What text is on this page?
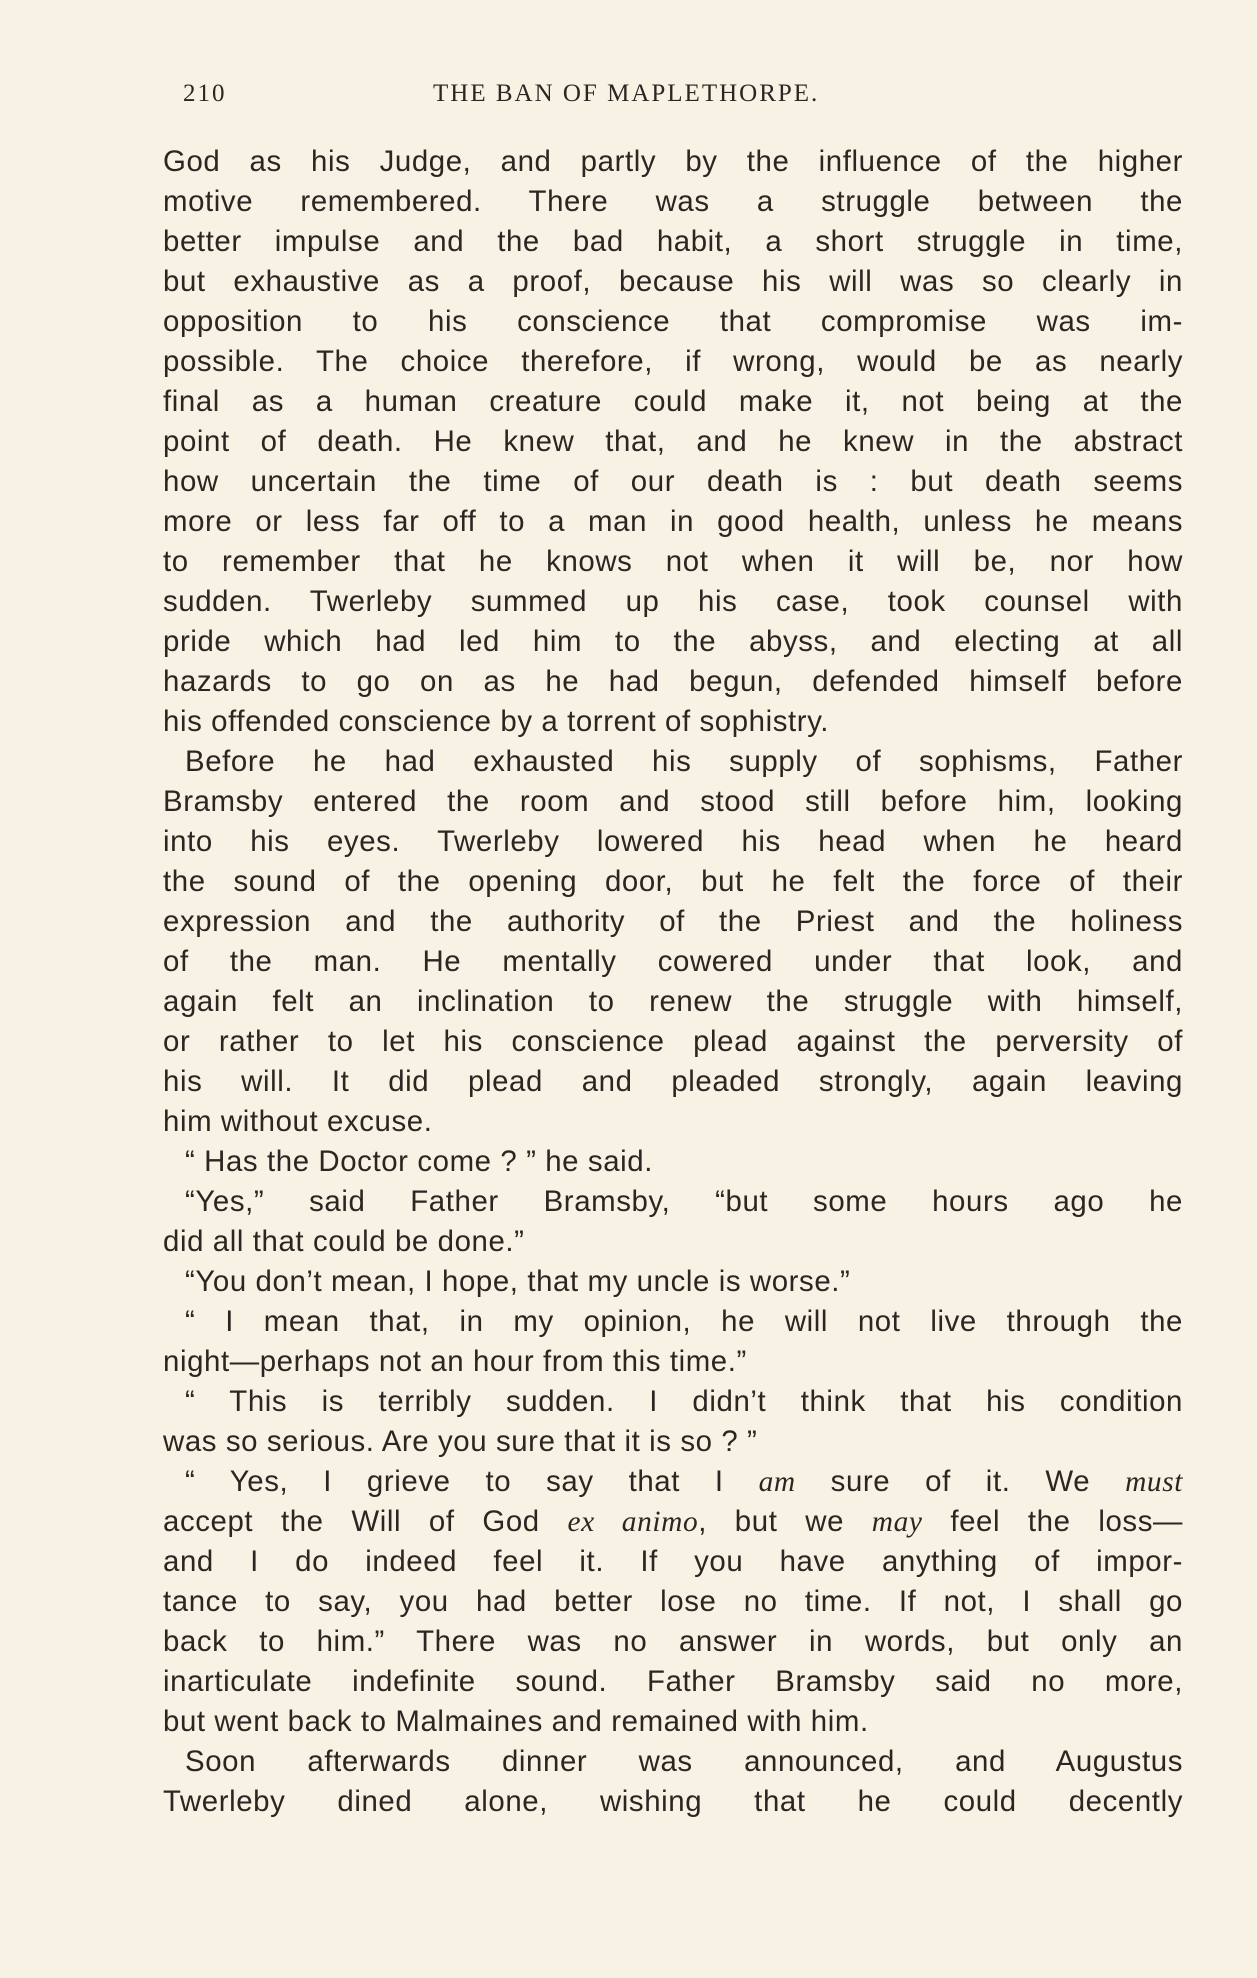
210	THE BAN OF MAPLETHORPE.
God as his Judge, and partly by the influence of the higher
motive remembered. There was a struggle between the
better impulse and the bad habit, a short struggle in time,
but exhaustive as a proof, because his will was so clearly in
opposition to his conscience that compromise was im-
possible. The choice therefore, if wrong, would be as nearly
final as a human creature could make it, not being at the
point of death. He knew that, and he knew in the abstract
how uncertain the time of our death is : but death seems
more or less far off to a man in good health, unless he means
to remember that he knows not when it will be, nor how
sudden. Twerleby summed up his case, took counsel with
pride which had led him to the abyss, and electing at all
hazards to go on as he had begun, defended himself before
his offended conscience by a torrent of sophistry.
Before he had exhausted his supply of sophisms, Father
Bramsby entered the room and stood still before him, looking
into his eyes. Twerleby lowered his head when he heard
the sound of the opening door, but he felt the force of their
expression and the authority of the Priest and the holiness
of the man. He mentally cowered under that look, and
again felt an inclination to renew the struggle with himself,
or rather to let his conscience plead against the perversity of
his will. It did plead and pleaded strongly, again leaving
him without excuse.
“ Has the Doctor come ? ” he said.
“Yes,” said Father Bramsby, “but some hours ago he
did all that could be done.”
“You don’t mean, I hope, that my uncle is worse.”
“ I mean that, in my opinion, he will not live through the
night—perhaps not an hour from this time.”
“ This is terribly sudden. I didn’t think that his condition
was so serious. Are you sure that it is so ? ”
“ Yes, I grieve to say that I am sure of it. We must
accept the Will of God ex animo, but we may feel the loss—
and I do indeed feel it. If you have anything of impor-
tance to say, you had better lose no time. If not, I shall go
back to him.” There was no answer in words, but only an
inarticulate indefinite sound. Father Bramsby said no more,
but went back to Malmaines and remained with him.
Soon afterwards dinner was announced, and Augustus
Twerleby dined alone, wishing that he could decently
